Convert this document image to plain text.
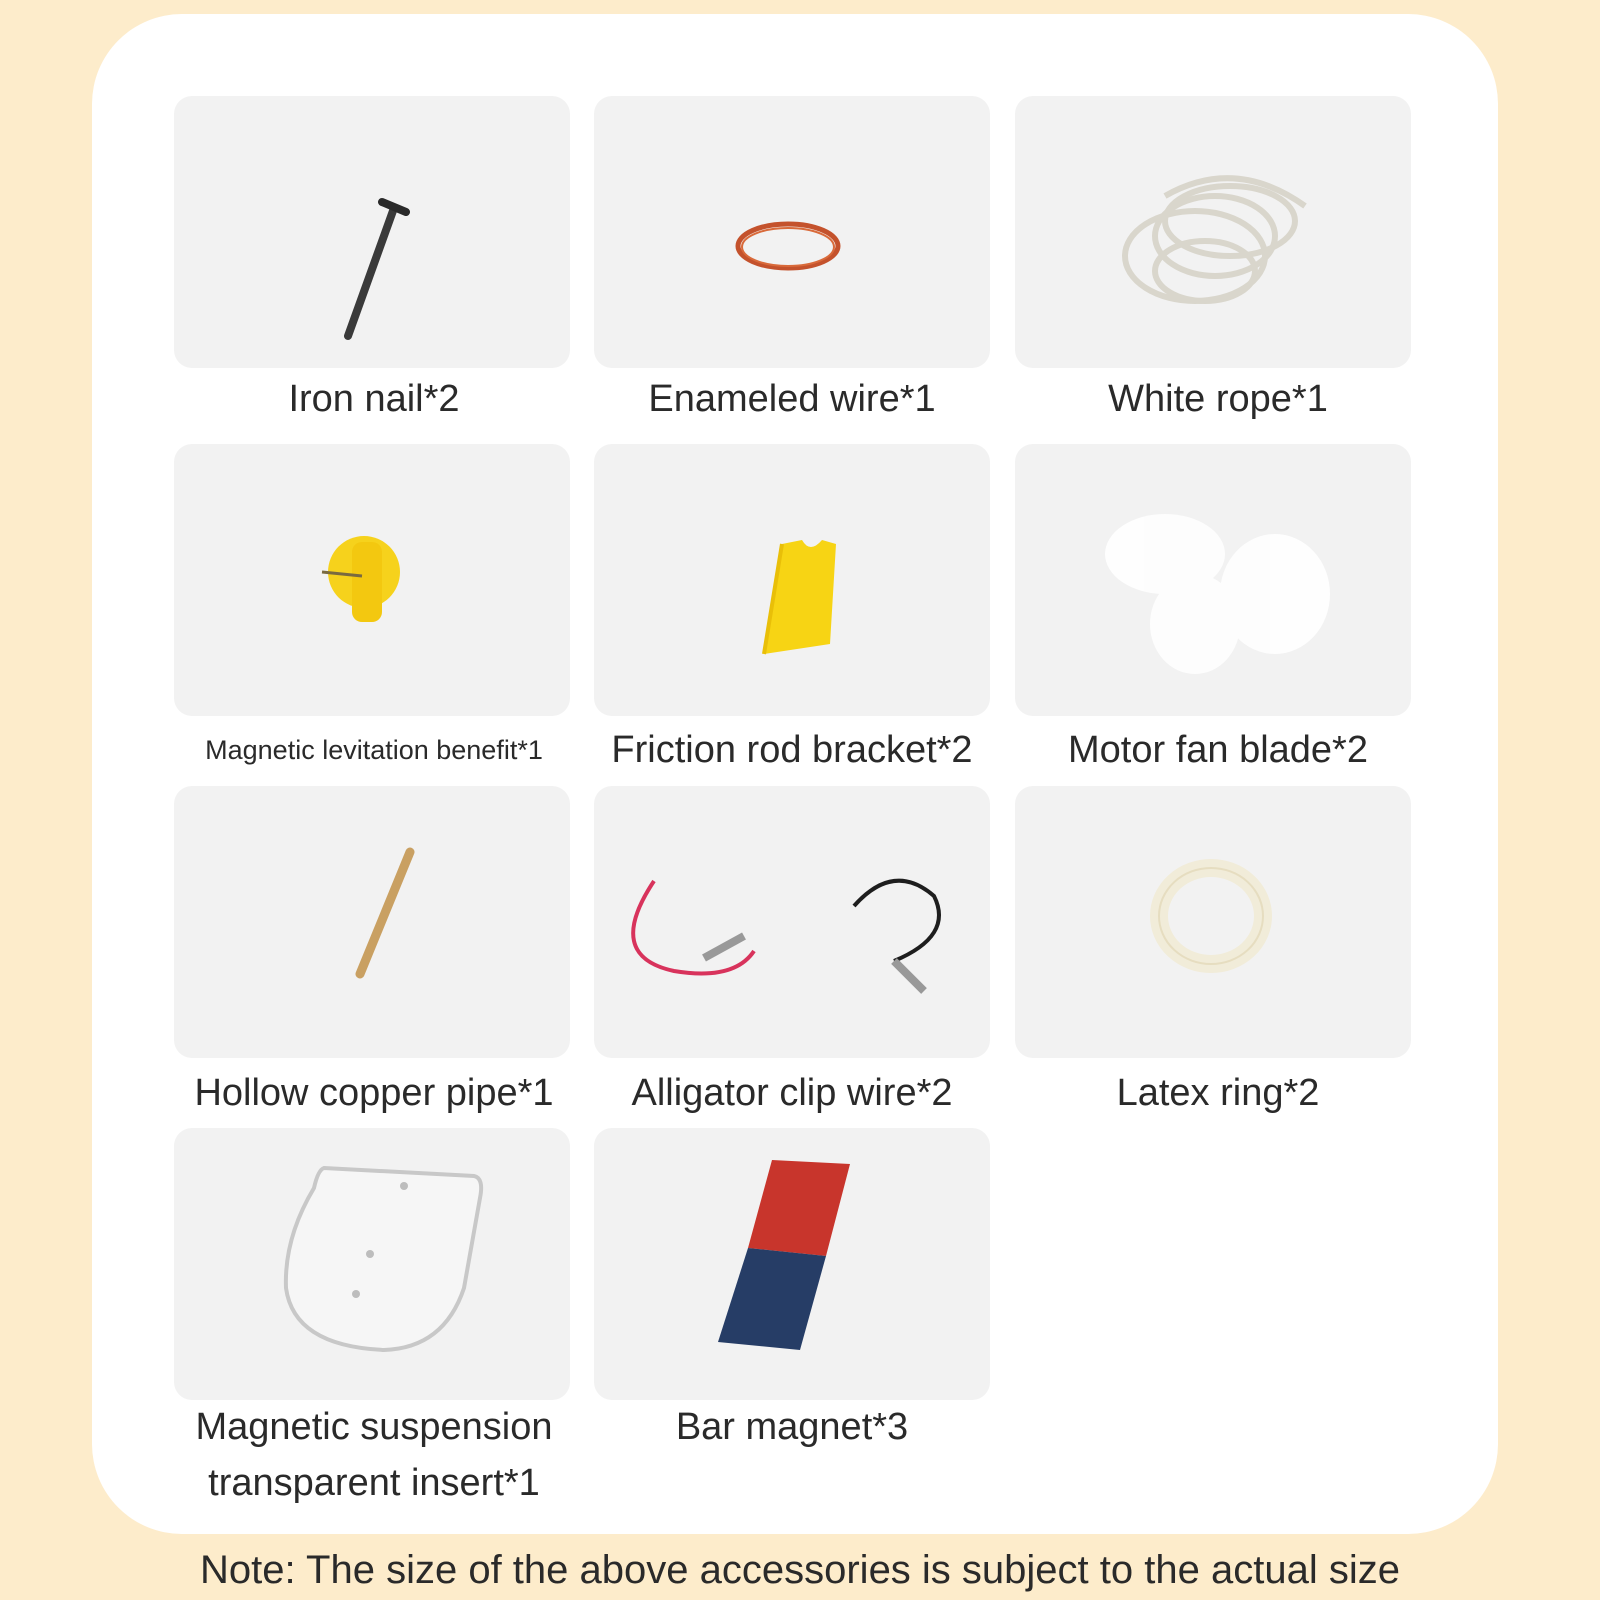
Iron nail*2	Enameled wire*1	White rope*1
Magnetic levitation benefit*1	Friction rod bracket*2	Motor fan blade*2
Hollow copper pipe*1	Alligator clip wire*2	Latex ring*2
Magnetic suspension
transparent insert*1
Bar magnet*3
Note: The size of the above accessories is subject to the actual size
